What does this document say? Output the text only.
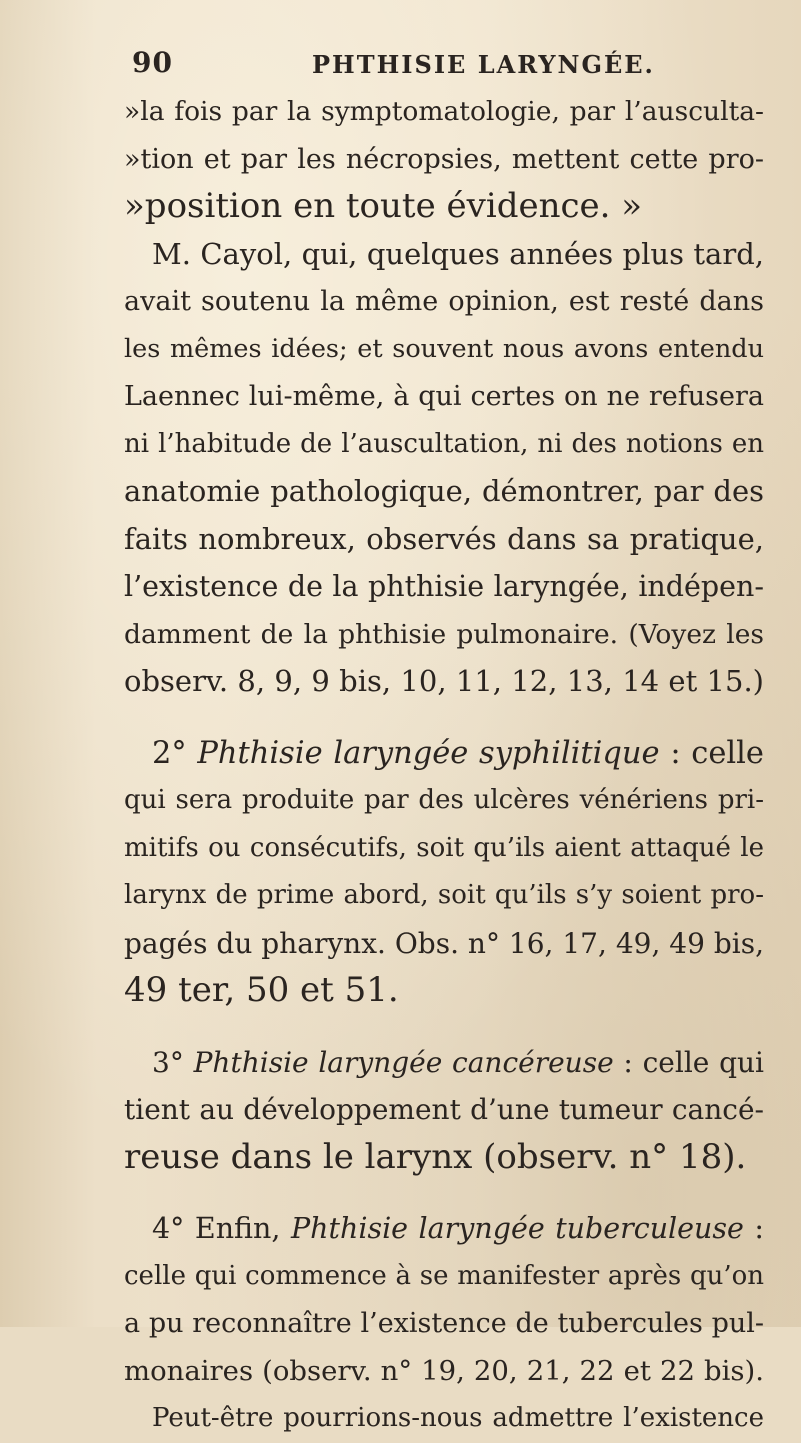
90	PHTHISIE LARYNGÉE.
»la fois par la symptomatologie, par l’ausculta-
»tion et par les nécropsies, mettent cette pro-
»position en toute évidence. »
M. Cayol, qui, quelques années plus tard,
avait soutenu la même opinion, est resté dans
les mêmes idées; et souvent nous avons entendu
Laennec lui-même, à qui certes on ne refusera
ni l’habitude de l’auscultation, ni des notions en
anatomie pathologique, démontrer, par des
faits nombreux, observés dans sa pratique,
l’existence de la phthisie laryngée, indépen-
damment de la phthisie pulmonaire. (Voyez les
observ. 8, 9, 9 bis, 10, 11, 12, 13, 14 et 15.)
2° Phthisie laryngée syphilitique : celle
qui sera produite par des ulcères vénériens pri-
mitifs ou consécutifs, soit qu’ils aient attaqué le
larynx de prime abord, soit qu’ils s’y soient pro-
pagés du pharynx. Obs. n° 16, 17, 49, 49 bis,
49 ter, 50 et 51.
3° Phthisie laryngée cancéreuse : celle qui
tient au développement d’une tumeur cancé-
reuse dans le larynx (observ. n° 18).
4° Enfin, Phthisie laryngée tuberculeuse :
celle qui commence à se manifester après qu’on
a pu reconnaître l’existence de tubercules pul-
monaires (observ. n° 19, 20, 21, 22 et 22 bis).
Peut-être pourrions-nous admettre l’existence
